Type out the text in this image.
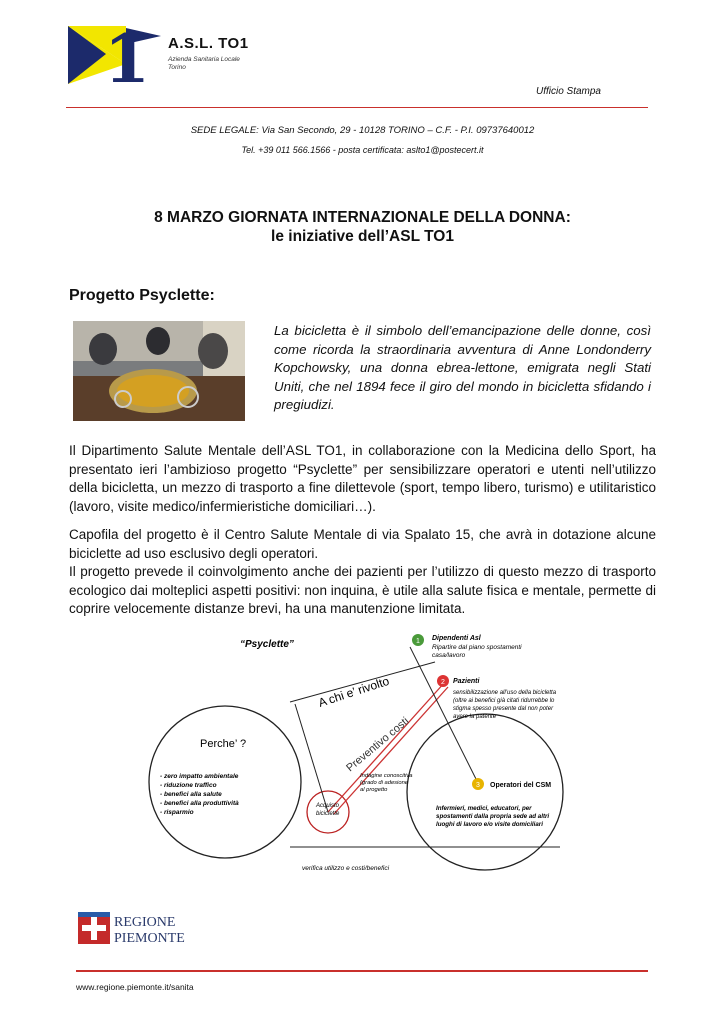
1 A.S.L. TO1
Azienda Sanitaria Locale
Torino
Ufficio Stampa
SEDE LEGALE: Via San Secondo, 29 - 10128 TORINO – C.F. - P.I. 09737640012
Tel. +39 011 566.1566 - posta certificata: aslto1@postecert.it
8 MARZO GIORNATA INTERNAZIONALE DELLA DONNA:
le iniziative dell’ASL TO1
Progetto Psyclette:
La bicicletta è il simbolo dell’emancipazione delle donne, così come ricorda la straordinaria avventura di Anne Londonderry Kopchowsky, una donna ebrea-lettone, emigrata negli Stati Uniti, che nel 1894 fece il giro del mondo in bicicletta sfidando i pregiudizi.
Il Dipartimento Salute Mentale dell’ASL TO1, in collaborazione con la Medicina dello Sport, ha presentato ieri l’ambizioso progetto “Psyclette” per sensibilizzare operatori e utenti nell’utilizzo della bicicletta, un mezzo di trasporto a fine dilettevole (sport, tempo libero, turismo) e utilitaristico (lavoro, visite medico/infermieristiche domiciliari…).
Capofila del progetto è il Centro Salute Mentale di via Spalato 15, che avrà in dotazione alcune biciclette ad uso esclusivo degli operatori.
Il progetto prevede il coinvolgimento anche dei pazienti per l’utilizzo di questo mezzo di trasporto ecologico dai molteplici aspetti positivi: non inquina, è utile alla salute fisica e mentale, permette di coprire velocemente distanze brevi, ha una manutenzione limitata.
“Psyclette”
A chi e’ rivolto
Preventivo costi
Perche’ ?
- zero impatto ambientale
- riduzione traffico
- benefici alla salute
- benefici alla produttività
- risparmio
1 Dipendenti Asl
Ripartire dal piano spostamenti
casa/lavoro
2 Pazienti
sensibilizzazione all’uso della bicicletta
(oltre ai benefici già citati ridurrebbe lo
stigma spesso presente dal non poter
avere la patente
3 Operatori del CSM
Infermieri, medici, educatori, per
spostamenti dalla propria sede ad altri
luoghi di lavoro e/o visite domiciliari
Indagine conoscitiva
(grado di adesione
al progetto
Acquisto
biciclette
verifica utilizzo e costi/benefici
REGIONE
PIEMONTE
www.regione.piemonte.it/sanita
